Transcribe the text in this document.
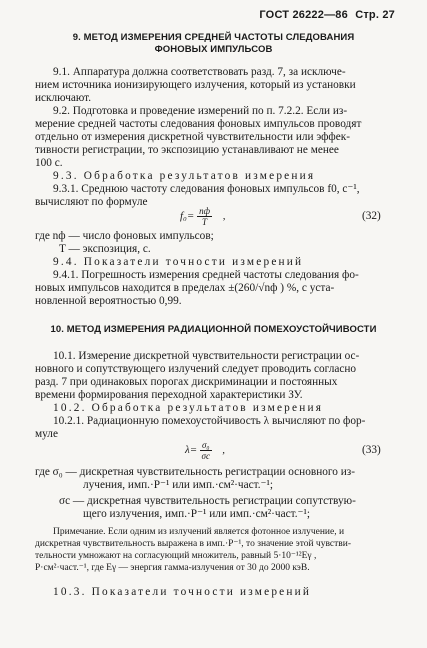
ГОСТ 26222—86 Стр. 27
9. МЕТОД ИЗМЕРЕНИЯ СРЕДНЕЙ ЧАСТОТЫ СЛЕДОВАНИЯ
ФОНОВЫХ ИМПУЛЬСОВ
9.1. Аппаратура должна соответствовать разд. 7, за исключе-
нием источника ионизирующего излучения, который из установки
исключают.
9.2. Подготовка и проведение измерений по п. 7.2.2. Если из-
мерение средней частоты следования фоновых импульсов проводят
отдельно от измерения дискретной чувствительности или эффек-
тивности регистрации, то экспозицию устанавливают не менее
100 с.
9.3. Обработка результатов измерения
9.3.1. Среднюю частоту следования фоновых импульсов f0, с⁻¹,
вычисляют по формуле
$f_0= \frac{nф}{T}$ ,	(32)
где nф — число фоновых импульсов;
T — экспозиция, с.
9.4. Показатели точности измерений
9.4.1. Погрешность измерения средней частоты следования фо-
новых импульсов находится в пределах ±(260/√nф ) %, с уста-
новленной вероятностью 0,99.
10. МЕТОД ИЗМЕРЕНИЯ РАДИАЦИОННОЙ ПОМЕХОУСТОЙЧИВОСТИ
10.1. Измерение дискретной чувствительности регистрации ос-
новного и сопутствующего излучений следует проводить согласно
разд. 7 при одинаковых порогах дискриминации и постоянных
времени формирования переходной характеристики ЗУ.
10.2. Обработка результатов измерения
10.2.1. Радиационную помехоустойчивость λ вычисляют по фор-
муле
$\lambda= \frac{\text{σ₀}}{\sigma c}$ ,	(33)
где σ₀ — дискретная чувствительность регистрации основного из-
лучения, имп.·Р⁻¹ или имп.·см²·част.⁻¹;
σc — дискретная чувствительность регистрации сопутствую-
щего излучения, имп.·Р⁻¹ или имп.·см²·част.⁻¹;
Примечание. Если одним из излучений является фотонное излучение, и
дискретная чувствительность выражена в имп.·Р⁻¹, то значение этой чувстви-
тельности умножают на согласующий множитель, равный 5·10⁻¹²Eγ ,
Р·см²·част.⁻¹, где Eγ — энергия гамма-излучения от 30 до 2000 кэВ.
10.3. Показатели точности измерений
